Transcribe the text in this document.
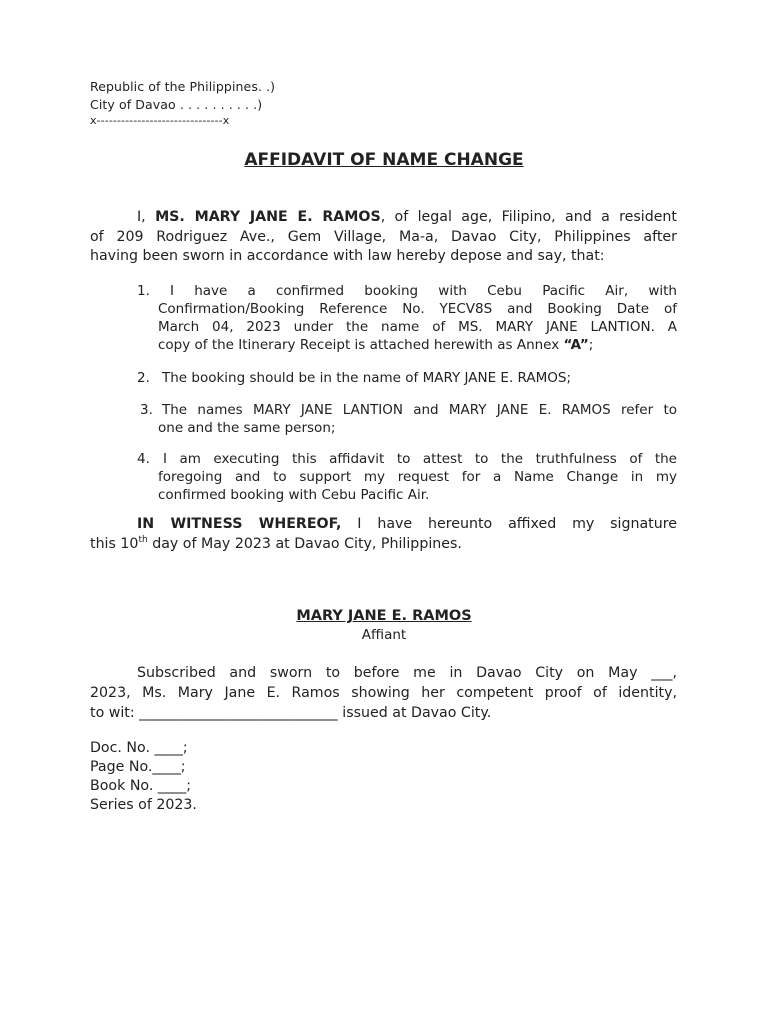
Republic of the Philippines. .)
City of Davao . . . . . . . . . .)
x-------------------------------x
AFFIDAVIT OF NAME CHANGE
I, MS. MARY JANE E. RAMOS, of legal age, Filipino, and a resident
of 209 Rodriguez Ave., Gem Village, Ma-a, Davao City, Philippines after
having been sworn in accordance with law hereby depose and say, that:
1. I have a confirmed booking with Cebu Pacific Air, with
Confirmation/Booking Reference No. YECV8S and Booking Date of
March 04, 2023 under the name of MS. MARY JANE LANTION. A
copy of the Itinerary Receipt is attached herewith as Annex “A”;
2. The booking should be in the name of MARY JANE E. RAMOS;
3. The names MARY JANE LANTION and MARY JANE E. RAMOS refer to
one and the same person;
4. I am executing this affidavit to attest to the truthfulness of the
foregoing and to support my request for a Name Change in my
confirmed booking with Cebu Pacific Air.
IN WITNESS WHEREOF, I have hereunto affixed my signature
this 10th day of May 2023 at Davao City, Philippines.
MARY JANE E. RAMOS
Affiant
Subscribed and sworn to before me in Davao City on May ___,
2023, Ms. Mary Jane E. Ramos showing her competent proof of identity,
to wit: ____________________________ issued at Davao City.
Doc. No. ____;
Page No.____;
Book No. ____;
Series of 2023.
